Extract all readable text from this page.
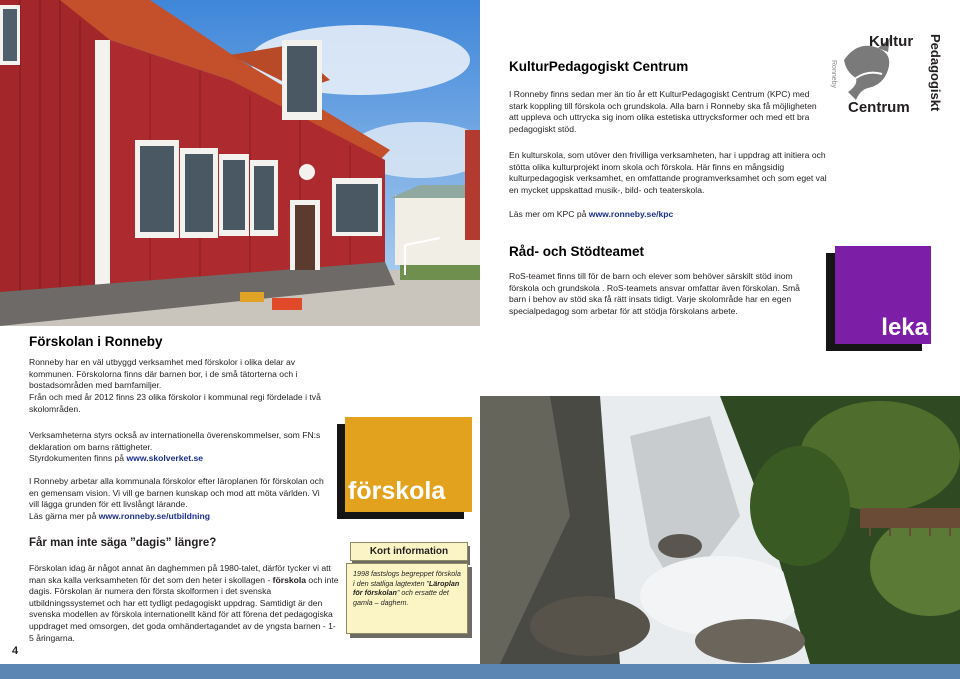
Kultur
Centrum Pedagogiskt
Ronneby
KulturPedagogiskt Centrum

I Ronneby finns sedan mer än tio år ett KulturPedagogiskt Centrum (KPC) med stark koppling till förskola och grundskola. Alla barn i Ronneby ska få möjligheten att uppleva och uttrycka sig inom olika estetiska uttrycksformer och med ett bra pedagogiskt stöd.

En kulturskola, som utöver den frivilliga verksamheten, har i uppdrag att initiera och stötta olika kulturprojekt inom skola och förskola. Här finns en mångsidig kulturpedagogisk verksamhet, en omfattande programverksamhet och som eget val en mycket uppskattad musik-, bild- och teaterskola.

Läs mer om KPC på www.ronneby.se/kpc

Råd- och Stödteamet

RoS-teamet finns till för de barn och elever som behöver särskilt stöd inom förskola och grundskola . RoS-teamets ansvar omfattar även förskolan. Små barn i behov av stöd ska få rätt insats tidigt. Varje skolområde har en egen specialpedagog som arbetar för att stödja förskolans arbete.

leka
Förskolan i Ronneby

Ronneby har en väl utbyggd verksamhet med förskolor i olika delar av kommunen. Förskolorna finns där barnen bor, i de små tätorterna och i bostadsområden med barnfamiljer.

Från och med år 2012 finns 23 olika förskolor i kommunal regi fördelade i två skolområden.

Verksamheterna styrs också av internationella överenskommelser, som FN:s deklaration om barns rättigheter.

Styrdokumenten finns på www.skolverket.se

I Ronneby arbetar alla kommunala förskolor efter läroplanen för förskolan och en gemensam vision. Vi vill ge barnen kunskap och mod att möta världen. Vi vill lägga grunden för ett livslångt lärande.

Läs gärna mer på www.ronneby.se/utbildning

förskola
Får man inte säga ”dagis” längre?

Förskolan idag är något annat än daghemmen på 1980-talet, därför tycker vi att man ska kalla verksamheten för det som den heter i skollagen - förskola och inte dagis. Förskolan är numera den första skolformen i det svenska utbildningssystemet och har ett tydligt pedagogiskt uppdrag. Samtidigt är den svenska modellen av förskola internationellt känd för att förena det pedagogiska uppdraget med omsorgen, det goda omhändertagandet av de yngsta barnen - 1-5 åringarna.

Kort information

1998 fastslogs begreppet förskola i den statliga lagtexten ”Läroplan för förskolan” och ersatte det gamla – daghem.

4
